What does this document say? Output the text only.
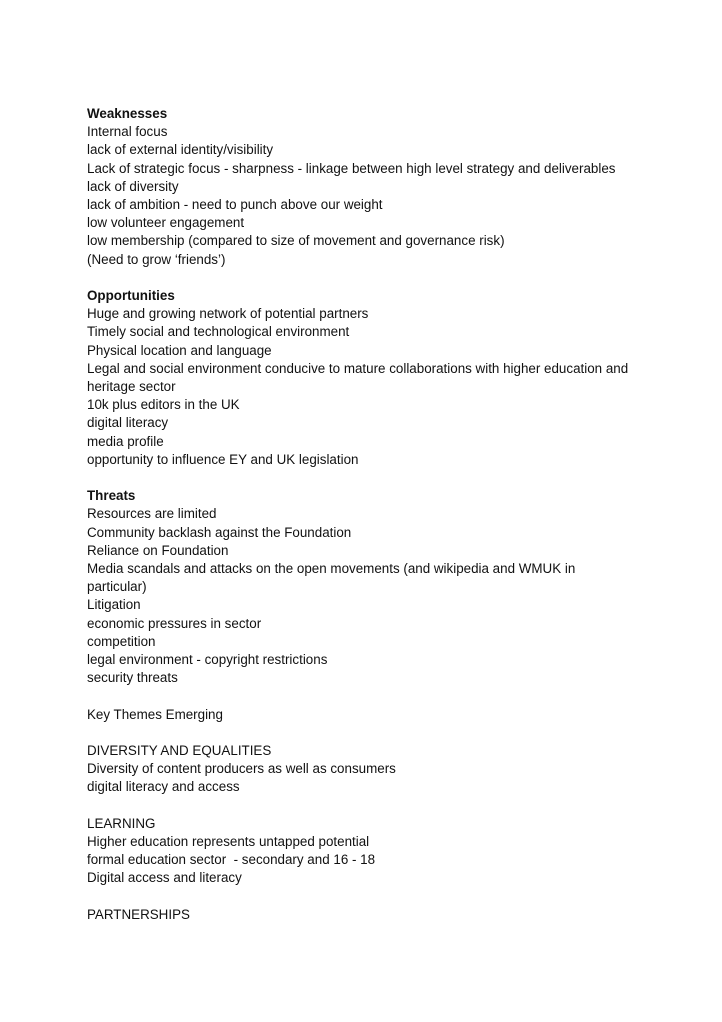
Weaknesses
Internal focus
lack of external identity/visibility
Lack of strategic focus - sharpness - linkage between high level strategy and deliverables
lack of diversity
lack of ambition - need to punch above our weight
low volunteer engagement
low membership (compared to size of movement and governance risk)
(Need to grow ‘friends’)
Opportunities
Huge and growing network of potential partners
Timely social and technological environment
Physical location and language
Legal and social environment conducive to mature collaborations with higher education and
heritage sector
10k plus editors in the UK
digital literacy
media profile
opportunity to influence EY and UK legislation
Threats
Resources are limited
Community backlash against the Foundation
Reliance on Foundation
Media scandals and attacks on the open movements (and wikipedia and WMUK in
particular)
Litigation
economic pressures in sector
competition
legal environment - copyright restrictions
security threats
Key Themes Emerging
DIVERSITY AND EQUALITIES
Diversity of content producers as well as consumers
digital literacy and access
LEARNING
Higher education represents untapped potential
formal education sector  - secondary and 16 - 18
Digital access and literacy
PARTNERSHIPS
